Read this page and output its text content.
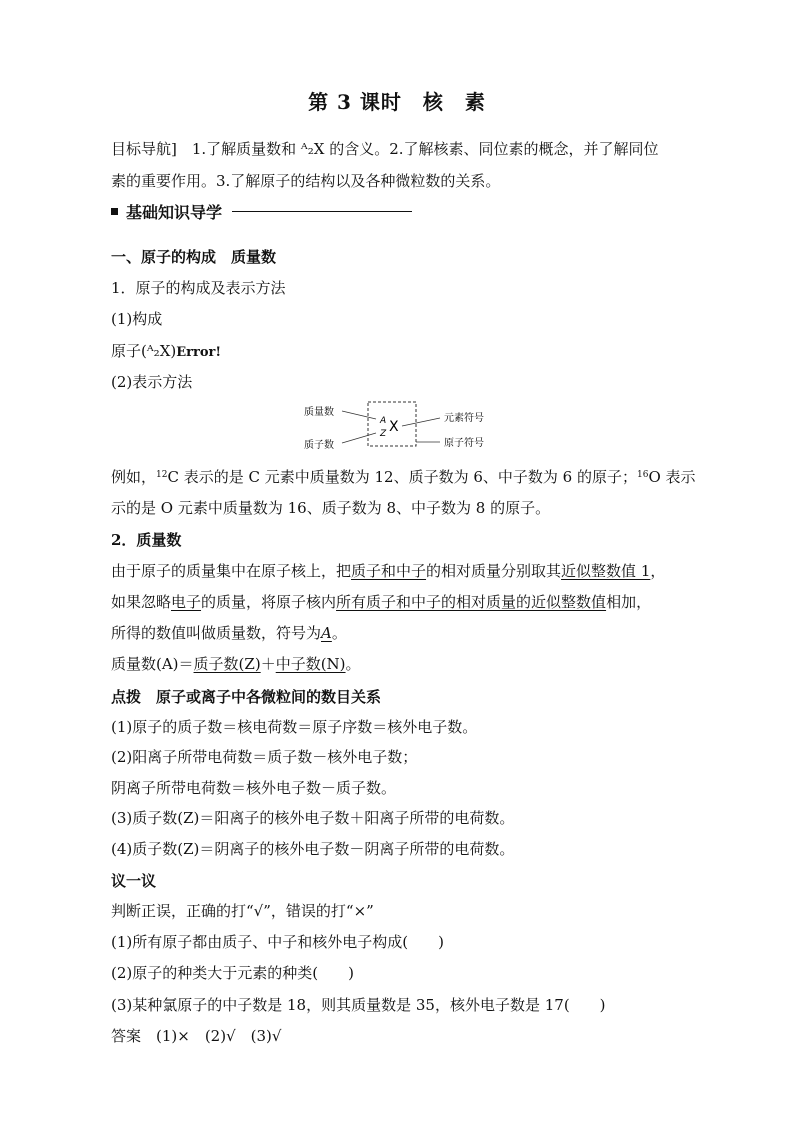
第 3 课时　核　素
目标导航]　1.了解质量数和 ᴬ₂X 的含义。2.了解核素、同位素的概念，并了解同位
素的重要作用。3.了解原子的结构以及各种微粒数的关系。
基础知识导学
一、原子的构成　质量数
1．原子的构成及表示方法
(1)构成
原子(ᴬ₂X)Error!
(2)表示方法
质量数
质子数
A
Z X
元素符号
原子符号
例如，$^{12}$C 表示的是 C 元素中质量数为 12、质子数为 6、中子数为 6 的原子；$^{16}$O 表示
示的是 O 元素中质量数为 16、质子数为 8、中子数为 8 的原子。
2．质量数
由于原子的质量集中在原子核上，把质子和中子的相对质量分别取其近似整数值 1，
如果忽略电子的质量，将原子核内所有质子和中子的相对质量的近似整数值相加，
所得的数值叫做质量数，符号为A。
质量数(A)＝质子数(Z)＋中子数(N)。
点拨　原子或离子中各微粒间的数目关系
(1)原子的质子数＝核电荷数＝原子序数＝核外电子数。
(2)阳离子所带电荷数＝质子数－核外电子数；
阴离子所带电荷数＝核外电子数－质子数。
(3)质子数(Z)＝阳离子的核外电子数＋阳离子所带的电荷数。
(4)质子数(Z)＝阴离子的核外电子数－阴离子所带的电荷数。
议一议
判断正误，正确的打“√”，错误的打“×”
(1)所有原子都由质子、中子和核外电子构成(　　)
(2)原子的种类大于元素的种类(　　)
(3)某种氯原子的中子数是 18，则其质量数是 35，核外电子数是 17(　　)
答案　(1)×　(2)√　(3)√
